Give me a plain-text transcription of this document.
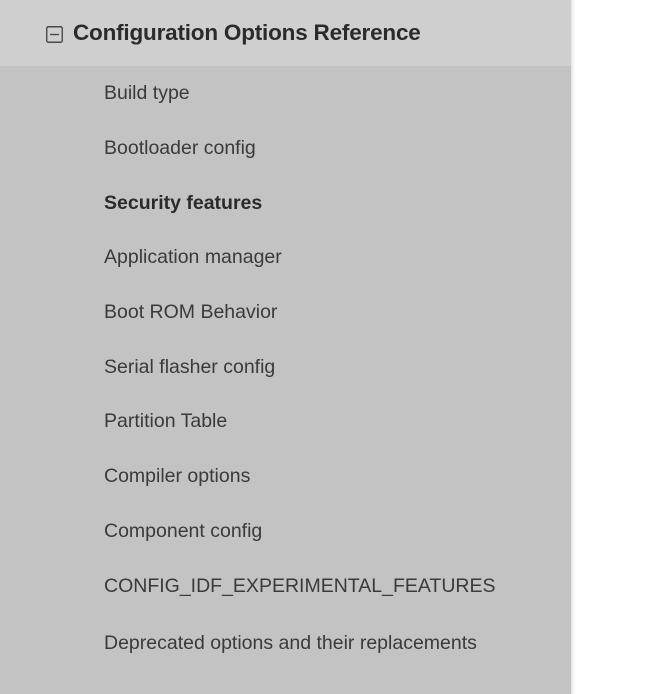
Configuration Options Reference
Build type
Bootloader config
Security features
Application manager
Boot ROM Behavior
Serial flasher config
Partition Table
Compiler options
Component config
CONFIG_IDF_EXPERIMENTAL_FEATURES
Deprecated options and their replacements
